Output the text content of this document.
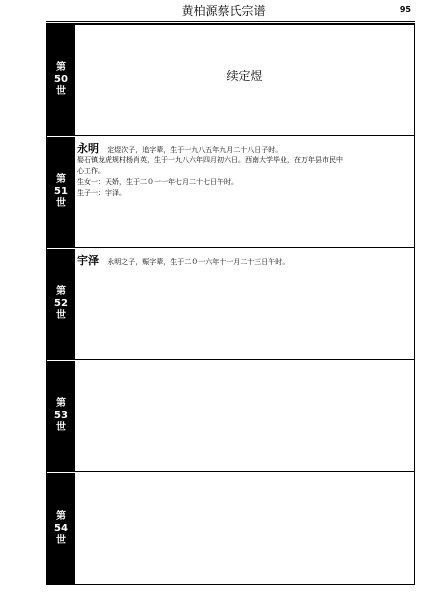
黄柏源蔡氏宗谱	95
第
50
世
续定煜
第
51
世
永明 定煜次子，追字辈，生于一九八五年九月二十八日子时。
娶石镇龙虎规村杨肖英，生于一九八六年四月初六日。西南大学毕业，在万年县市民中
心工作。
生女一：天娇，生于二０一一年七月二十七日午时。
生子一：宇泽。
第
52
世
宇泽 永明之子，赈字辈，生于二０一六年十一月二十三日午时。
第
53
世
第
54
世
